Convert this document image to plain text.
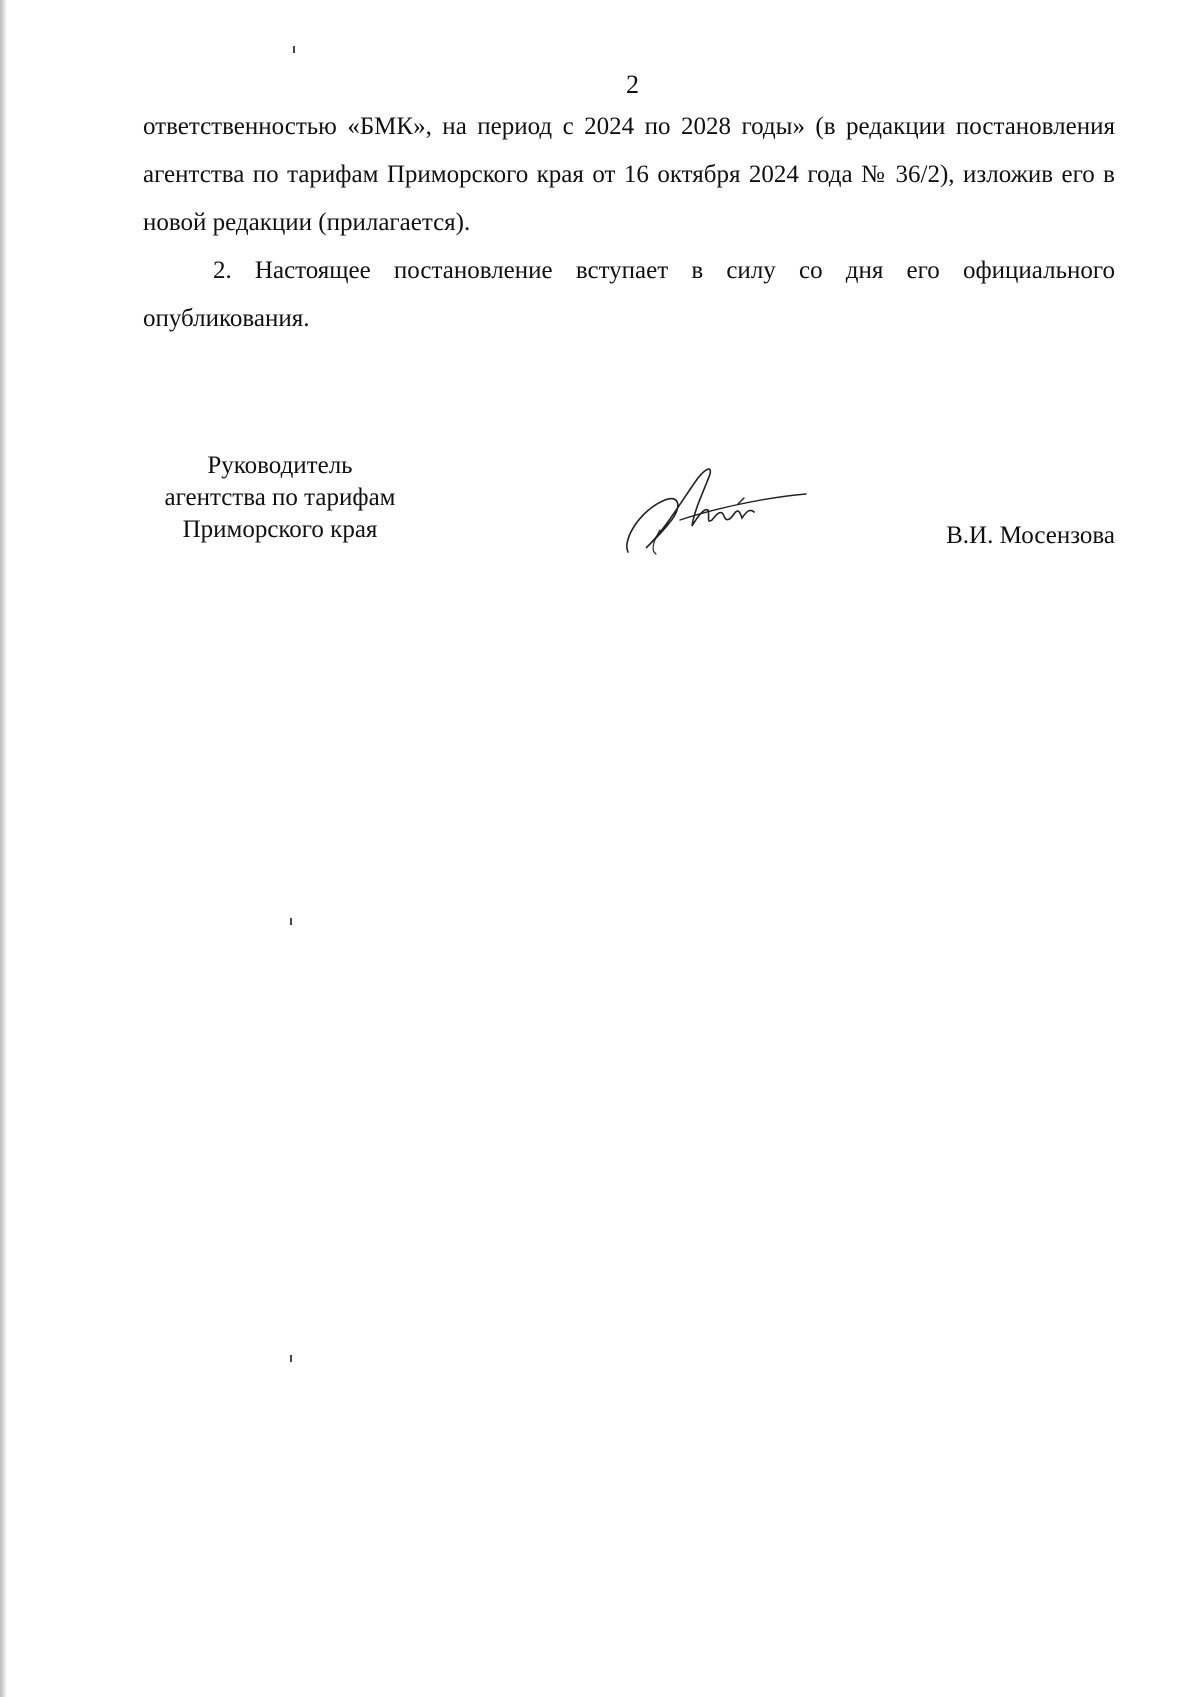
2

ответственностью «БМК», на период с 2024 по 2028 годы» (в редакции постановления агентства по тарифам Приморского края от 16 октября 2024 года № 36/2), изложив его в новой редакции (прилагается).

2. Настоящее постановление вступает в силу со дня его официального опубликования.

Руководитель
агентства по тарифам
Приморского края	В.И. Мосензова
